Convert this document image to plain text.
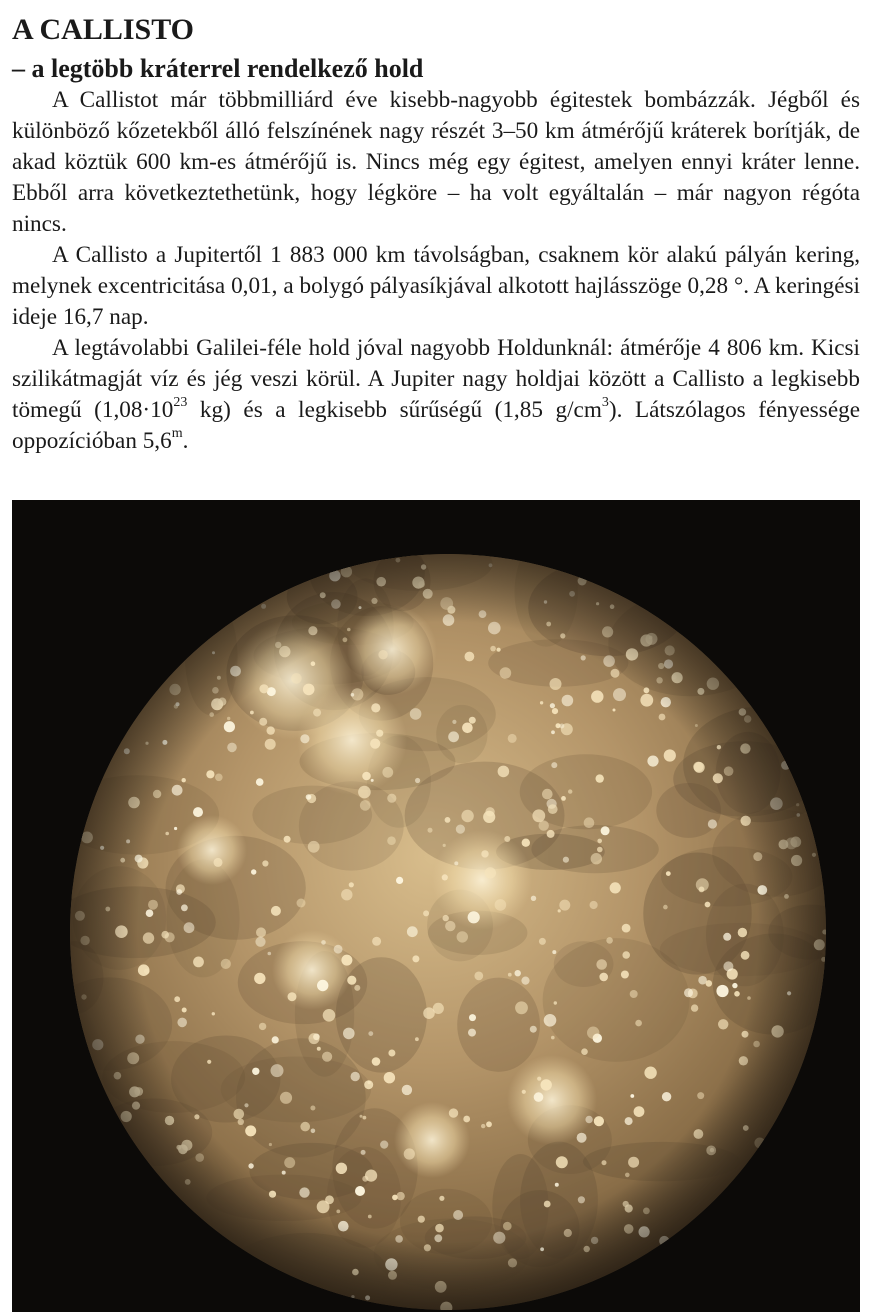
A CALLISTO
– a legtöbb kráterrel rendelkező hold

A Callistot már többmilliárd éve kisebb-nagyobb égitestek bombázzák. Jégből és különböző kőzetekből álló felszínének nagy részét 3–50 km átmérőjű kráterek borítják, de akad köztük 600 km-es átmérőjű is. Nincs még egy égitest, amelyen ennyi kráter lenne. Ebből arra következtethetünk, hogy légköre – ha volt egyáltalán – már nagyon régóta nincs.

A Callisto a Jupitertől 1 883 000 km távolságban, csaknem kör alakú pályán kering, melynek excentricitása 0,01, a bolygó pályasíkjával alkotott hajlásszöge 0,28 °. A keringési ideje 16,7 nap.

A legtávolabbi Galilei-féle hold jóval nagyobb Holdunknál: átmérője 4 806 km. Kicsi szilikátmagját víz és jég veszi körül. A Jupiter nagy holdjai között a Callisto a legkisebb tömegű ($1,08\cdot 10^{23}$ kg) és a legkisebb sűrűségű (1,85 $g/cm^3$). Látszólagos fényessége oppozícióban 5,6$^m$.
